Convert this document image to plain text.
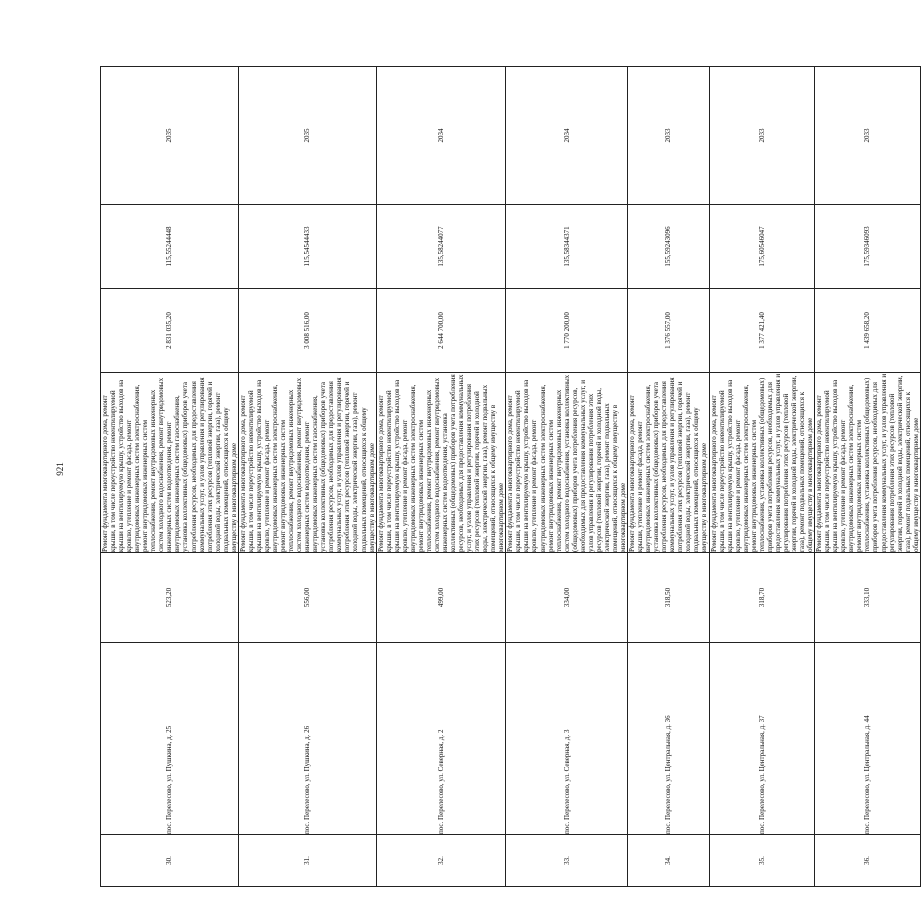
921
30.	пос. Перелесово, ул. Пушкина, д. 25	523,20	Ремонт фундамента многоквартирного дома, ремонт крыши, в том числе переустройство невентилируемой крыши на вентилируемую крышу, устройство выходов на кровлю, утепление и ремонт фасада, ремонт внутридомовых инженерных систем электроснабжения, ремонт внутридомовых инженерных систем теплоснабжения, ремонт внутридомовых инженерных систем холодного водоснабжения, ремонт внутридомовых инженерных систем водоотведения, ремонт внутридомовых инженерных систем газоснабжения, установка коллективных (общедомовых) приборов учета потребления ресурсов, необходимых для предоставления коммунальных услуг, и узлов управления и регулирования потребления этих ресурсов (тепловой энергии, горячей и холодной воды, электрической энергии, газа), ремонт подвальных помещений, относящихся к общему имуществу в многоквартирном доме	2 831 035,20	115,55244448	2035
31.	пос. Перелесово, ул. Пушкина, д. 26	556,00	Ремонт фундамента многоквартирного дома, ремонт крыши, в том числе переустройство невентилируемой крыши на вентилируемую крышу, устройство выходов на кровлю, утепление и ремонт фасада, ремонт внутридомовых инженерных систем электроснабжения, ремонт внутридомовых инженерных систем теплоснабжения, ремонт внутридомовых инженерных систем холодного водоснабжения, ремонт внутридомовых инженерных систем водоотведения, ремонт внутридомовых инженерных систем газоснабжения, установка коллективных (общедомовых) приборов учета потребления ресурсов, необходимых для предоставления коммунальных услуг, и узлов управления и регулирования потребления этих ресурсов (тепловой энергии, горячей и холодной воды, электрической энергии, газа), ремонт подвальных помещений, относящихся к общему имуществу в многоквартирном доме	3 008 516,00	115,54544433	2035
32.	пос. Перелесово, ул. Северная, д. 2	499,00	Ремонт фундамента многоквартирного дома, ремонт крыши, в том числе переустройство невентилируемой крыши на вентилируемую крышу, устройство выходов на кровлю, утепление и ремонт фасада, ремонт внутридомовых инженерных систем электроснабжения, ремонт внутридомовых инженерных систем теплоснабжения, ремонт внутридомовых инженерных систем холодного водоснабжения, ремонт внутридомовых инженерных систем водоотведения, установка коллективных (общедомовых) приборов учета потребления ресурсов, необходимых для предоставления коммунальных услуг, и узлов управления и регулирования потребления этих ресурсов (тепловой энергии, горячей и холодной воды, электрической энергии, газа), ремонт подвальных помещений, относящихся к общему имуществу в многоквартирном доме	2 644 700,00	135,58244077	2034
33.	пос. Перелесово, ул. Северная, д. 3	334,00	Ремонт фундамента многоквартирного дома, ремонт крыши, в том числе переустройство невентилируемой крыши на вентилируемую крышу, устройство выходов на кровлю, утепление и ремонт фасада, ремонт внутридомовых инженерных систем электроснабжения, ремонт внутридомовых инженерных систем теплоснабжения, ремонт внутридомовых инженерных систем холодного водоснабжения, установка коллективных (общедомовых) приборов учета потребления ресурсов, необходимых для предоставления коммунальных услуг, и узлов управления и регулирования потребления этих ресурсов (тепловой энергии, горячей и холодной воды, электрической энергии, газа), ремонт подвальных помещений, относящихся к общему имуществу в многоквартирном доме	1 770 200,00	135,58344371	2034
34.	пос. Перелесово, ул. Центральная, д. 36	318,50	Ремонт фундамента многоквартирного дома, ремонт крыши, утепление и ремонт фасада, ремонт внутридомовых инженерных систем электроснабжения, установка коллективных (общедомовых) приборов учета потребления ресурсов, необходимых для предоставления коммунальных услуг, и узлов управления и регулирования потребления этих ресурсов (тепловой энергии, горячей и холодной воды, электрической энергии, газа), ремонт подвальных помещений, относящихся к общему имуществу в многоквартирном доме	1 376 557,00	155,59243096	2033
35.	пос. Перелесово, ул. Центральная, д. 37	318,70	Ремонт фундамента многоквартирного дома, ремонт крыши, в том числе переустройство невентилируемой крыши на вентилируемую крышу, устройство выходов на кровлю, утепление и ремонт фасада, ремонт внутридомовых инженерных систем электроснабжения, ремонт внутридомовых инженерных систем теплоснабжения, установка коллективных (общедомовых) приборов учета потребления ресурсов, необходимых для предоставления коммунальных услуг, и узлов управления и регулирования потребления этих ресурсов (тепловой энергии, горячей и холодной воды, электрической энергии, газа), ремонт подвальных помещений, относящихся к общему имуществу в многоквартирном доме	1 377 421,40	175,60546047	2033
36.	пос. Перелесово, ул. Центральная, д. 44	333,10	Ремонт фундамента многоквартирного дома, ремонт крыши, в том числе переустройство невентилируемой крыши на вентилируемую крышу, устройство выходов на кровлю, утепление и ремонт фасада, ремонт внутридомовых инженерных систем электроснабжения, ремонт внутридомовых инженерных систем теплоснабжения, установка коллективных (общедомовых) приборов учета потребления ресурсов, необходимых для предоставления коммунальных услуг, и узлов управления и регулирования потребления этих ресурсов (тепловой энергии, горячей и холодной воды, электрической энергии, газа), ремонт подвальных помещений, относящихся к общему имуществу в многоквартирном доме	1 439 658,20	175,59346093	2033
